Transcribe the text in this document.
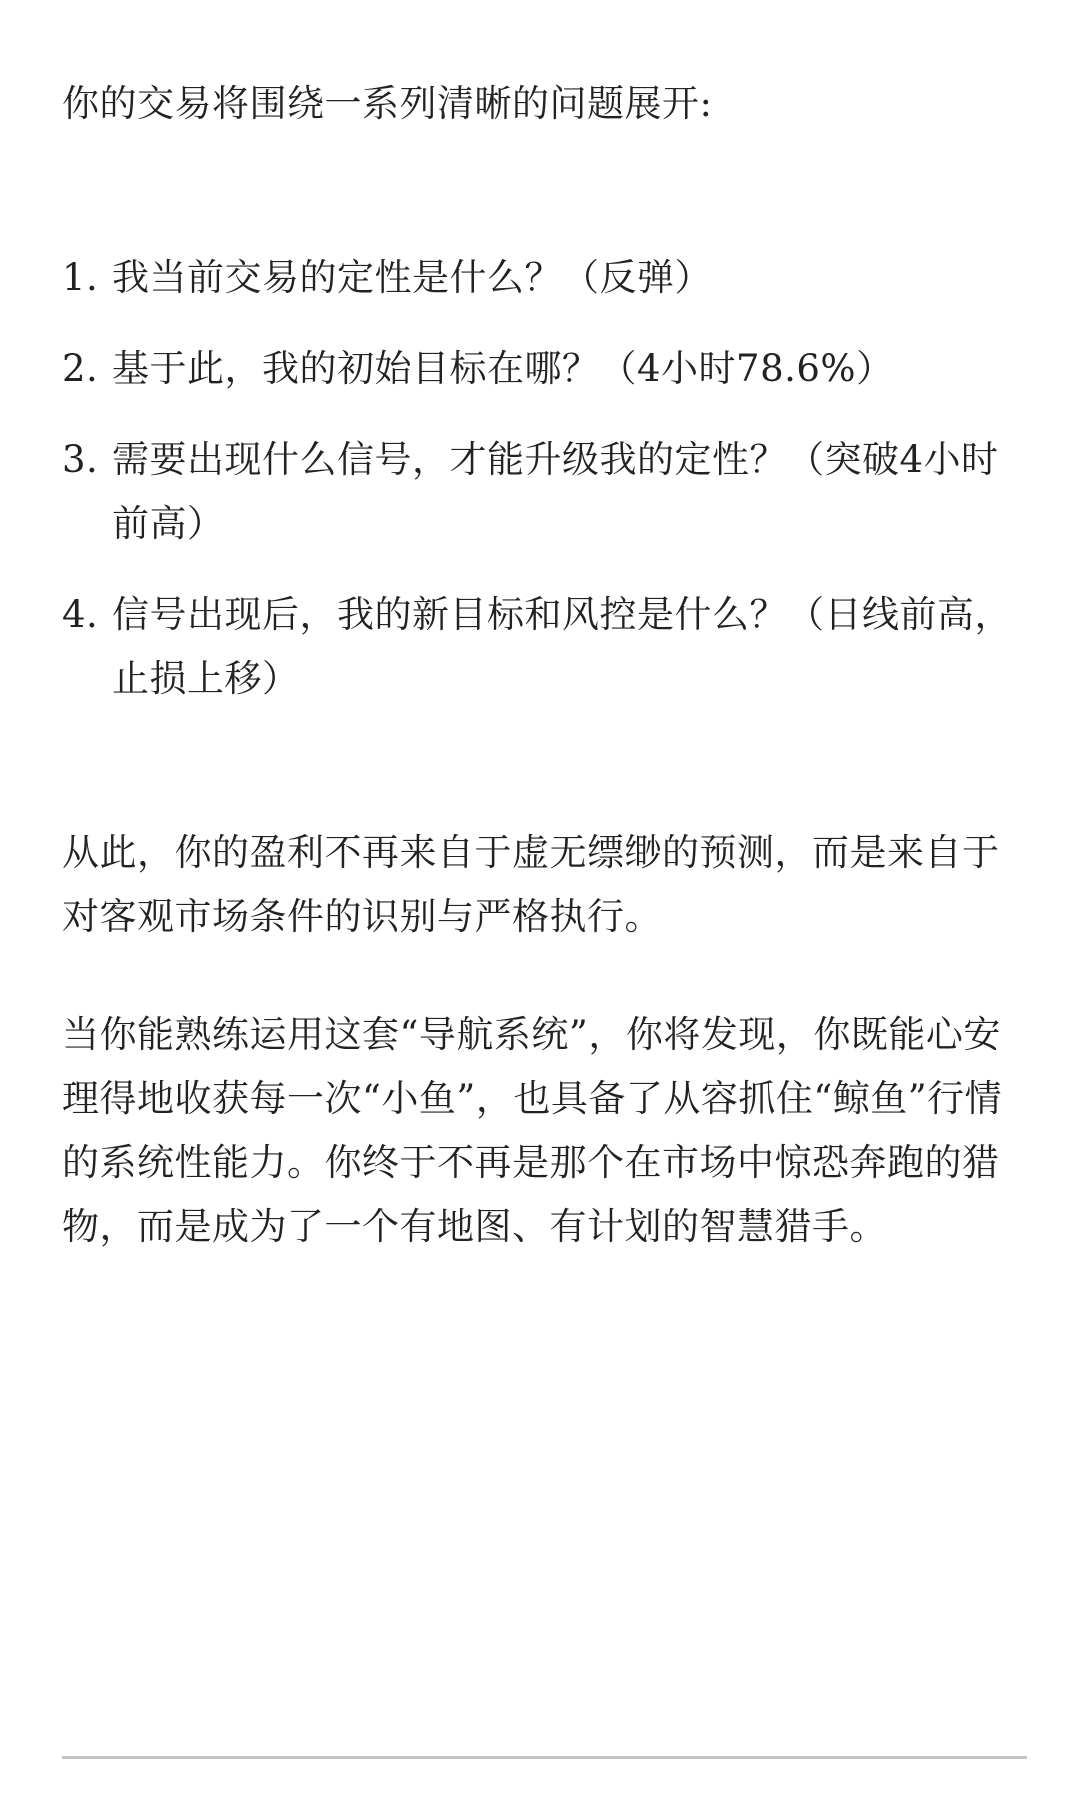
你的交易将围绕一系列清晰的问题展开:

1. 我当前交易的定性是什么？（反弹）
2. 基于此，我的初始目标在哪？（4小时78.6%）
3. 需要出现什么信号，才能升级我的定性？（突破4小时前高）
4. 信号出现后，我的新目标和风控是什么？（日线前高，止损上移）

从此，你的盈利不再来自于虚无缥缈的预测，而是来自于对客观市场条件的识别与严格执行。

当你能熟练运用这套“导航系统”，你将发现，你既能心安理得地收获每一次“小鱼”，也具备了从容抓住“鲸鱼”行情的系统性能力。你终于不再是那个在市场中惊恐奔跑的猎物，而是成为了一个有地图、有计划的智慧猎手。
